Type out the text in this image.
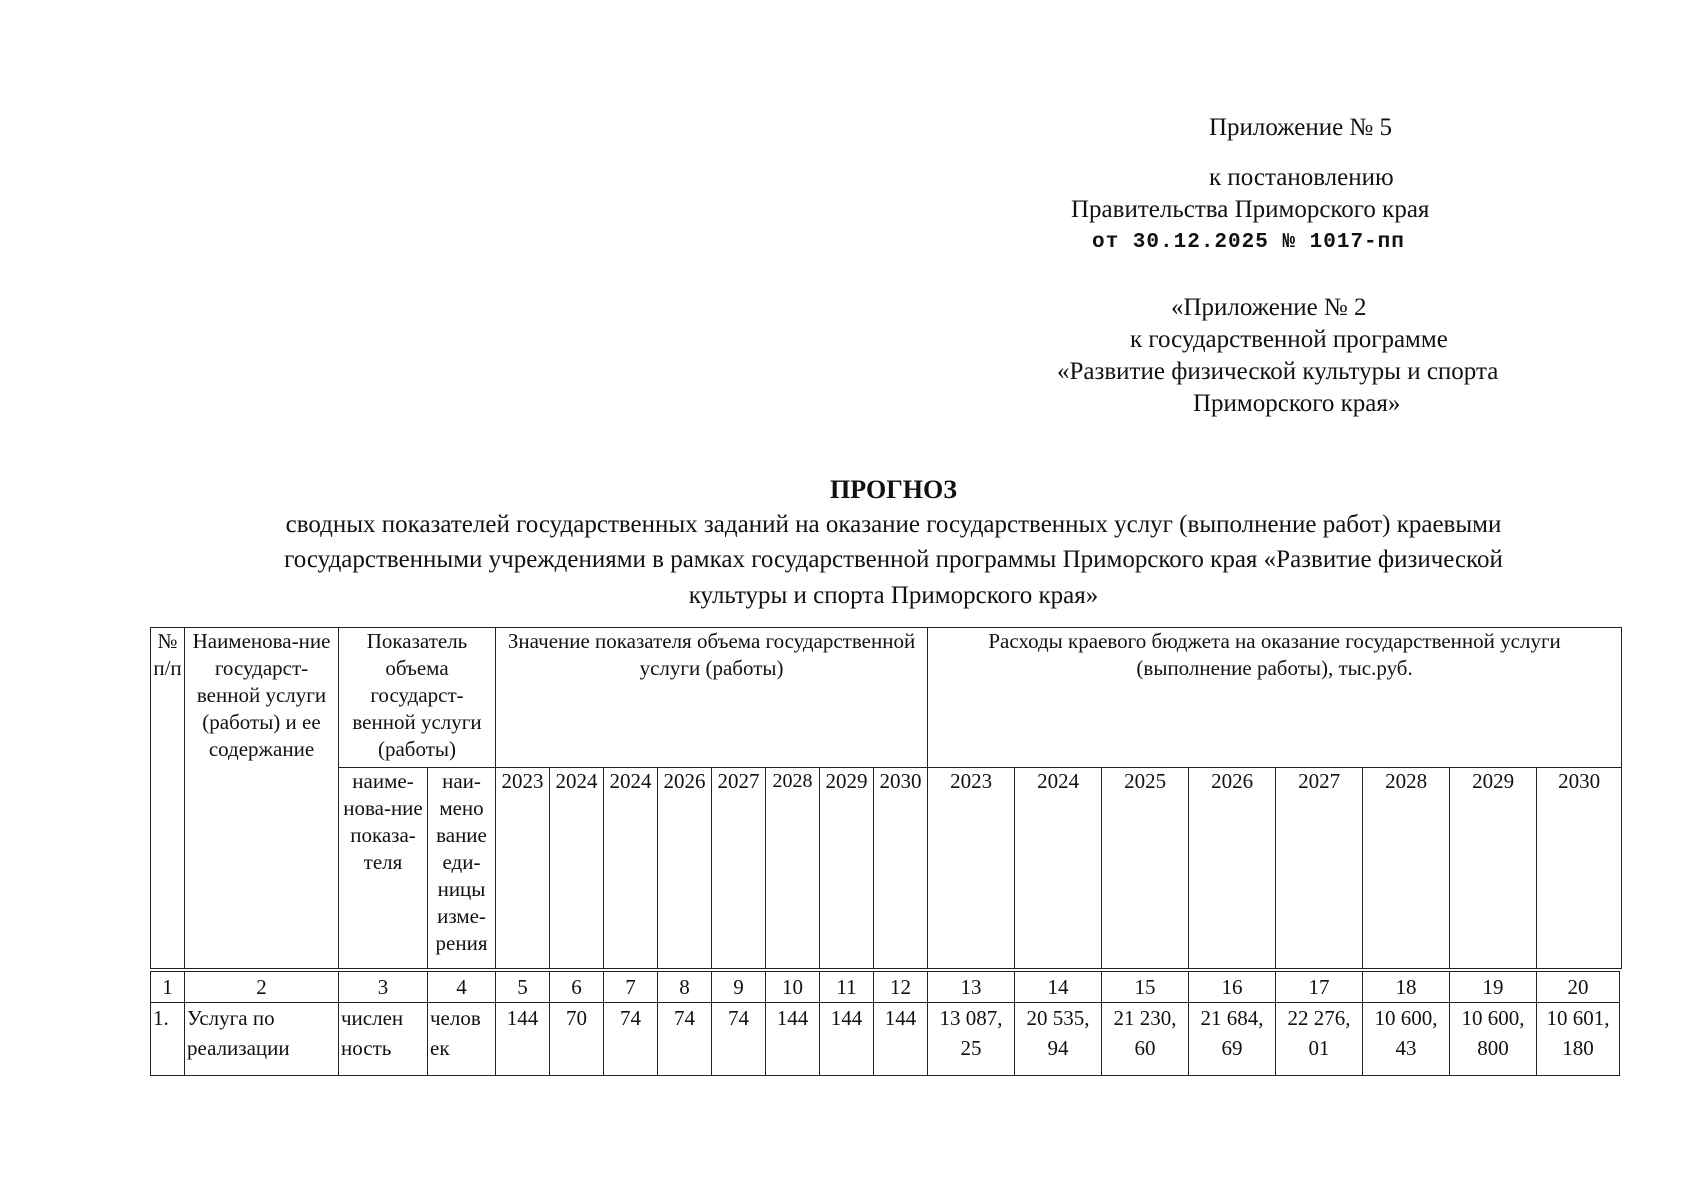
Приложение № 5
к постановлению
Правительства Приморского края
от 30.12.2025 № 1017-пп
«Приложение № 2
к государственной программе
«Развитие физической культуры и спорта
Приморского края»
ПРОГНОЗ
сводных показателей государственных заданий на оказание государственных услуг (выполнение работ) краевыми
государственными учреждениями в рамках государственной программы Приморского края «Развитие физической
культуры и спорта Приморского края»
№ п/п	Наименова-ние государст-венной услуги (работы) и ее содержание	Показатель объема государст-венной услуги (работы)		Значение показателя объема государственной услуги (работы)								Расходы краевого бюджета на оказание государственной услуги (выполнение работы), тыс.руб.							
		наиме-нова-ние показа-теля	наи-мено вание еди-ницы изме-рения	2023	2024	2024	2026	2027	2028	2029	2030	2023	2024	2025	2026	2027	2028	2029	2030
1	2	3	4	5	6	7	8	9	10	11	12	13	14	15	16	17	18	19	20
1.	Услуга по реализации	числен ность	челов ек	144	70	74	74	74	144	144	144	13 087, 25	20 535, 94	21 230, 60	21 684, 69	22 276, 01	10 600, 43	10 600, 800	10 601, 180
